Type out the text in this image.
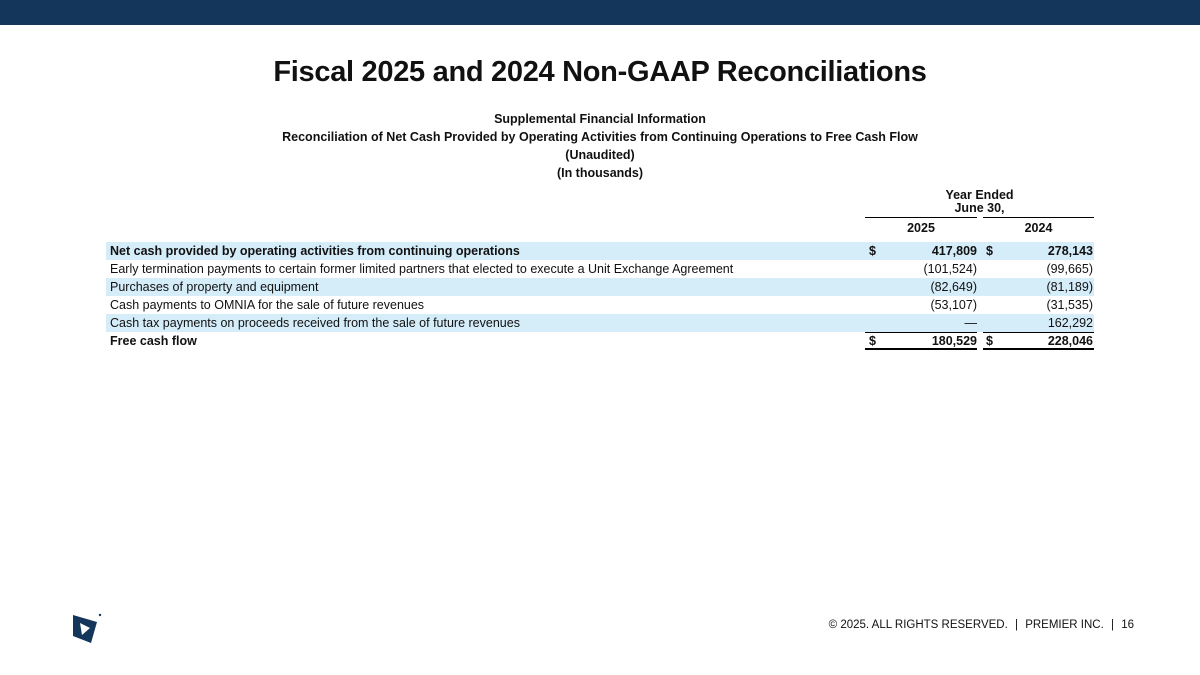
Fiscal 2025 and 2024 Non-GAAP Reconciliations
Supplemental Financial Information
Reconciliation of Net Cash Provided by Operating Activities from Continuing Operations to Free Cash Flow
(Unaudited)
(In thousands)
Year Ended
June 30,
2025	2024
Net cash provided by operating activities from continuing operations	$	417,809 $	278,143
Early termination payments to certain former limited partners that elected to execute a Unit Exchange Agreement	(101,524)	(99,665)
Purchases of property and equipment	(82,649)	(81,189)
Cash payments to OMNIA for the sale of future revenues	(53,107)	(31,535)
Cash tax payments on proceeds received from the sale of future revenues	—	162,292
Free cash flow	$	180,529 $	228,046
© 2025. ALL RIGHTS RESERVED. | PREMIER INC. | 16
